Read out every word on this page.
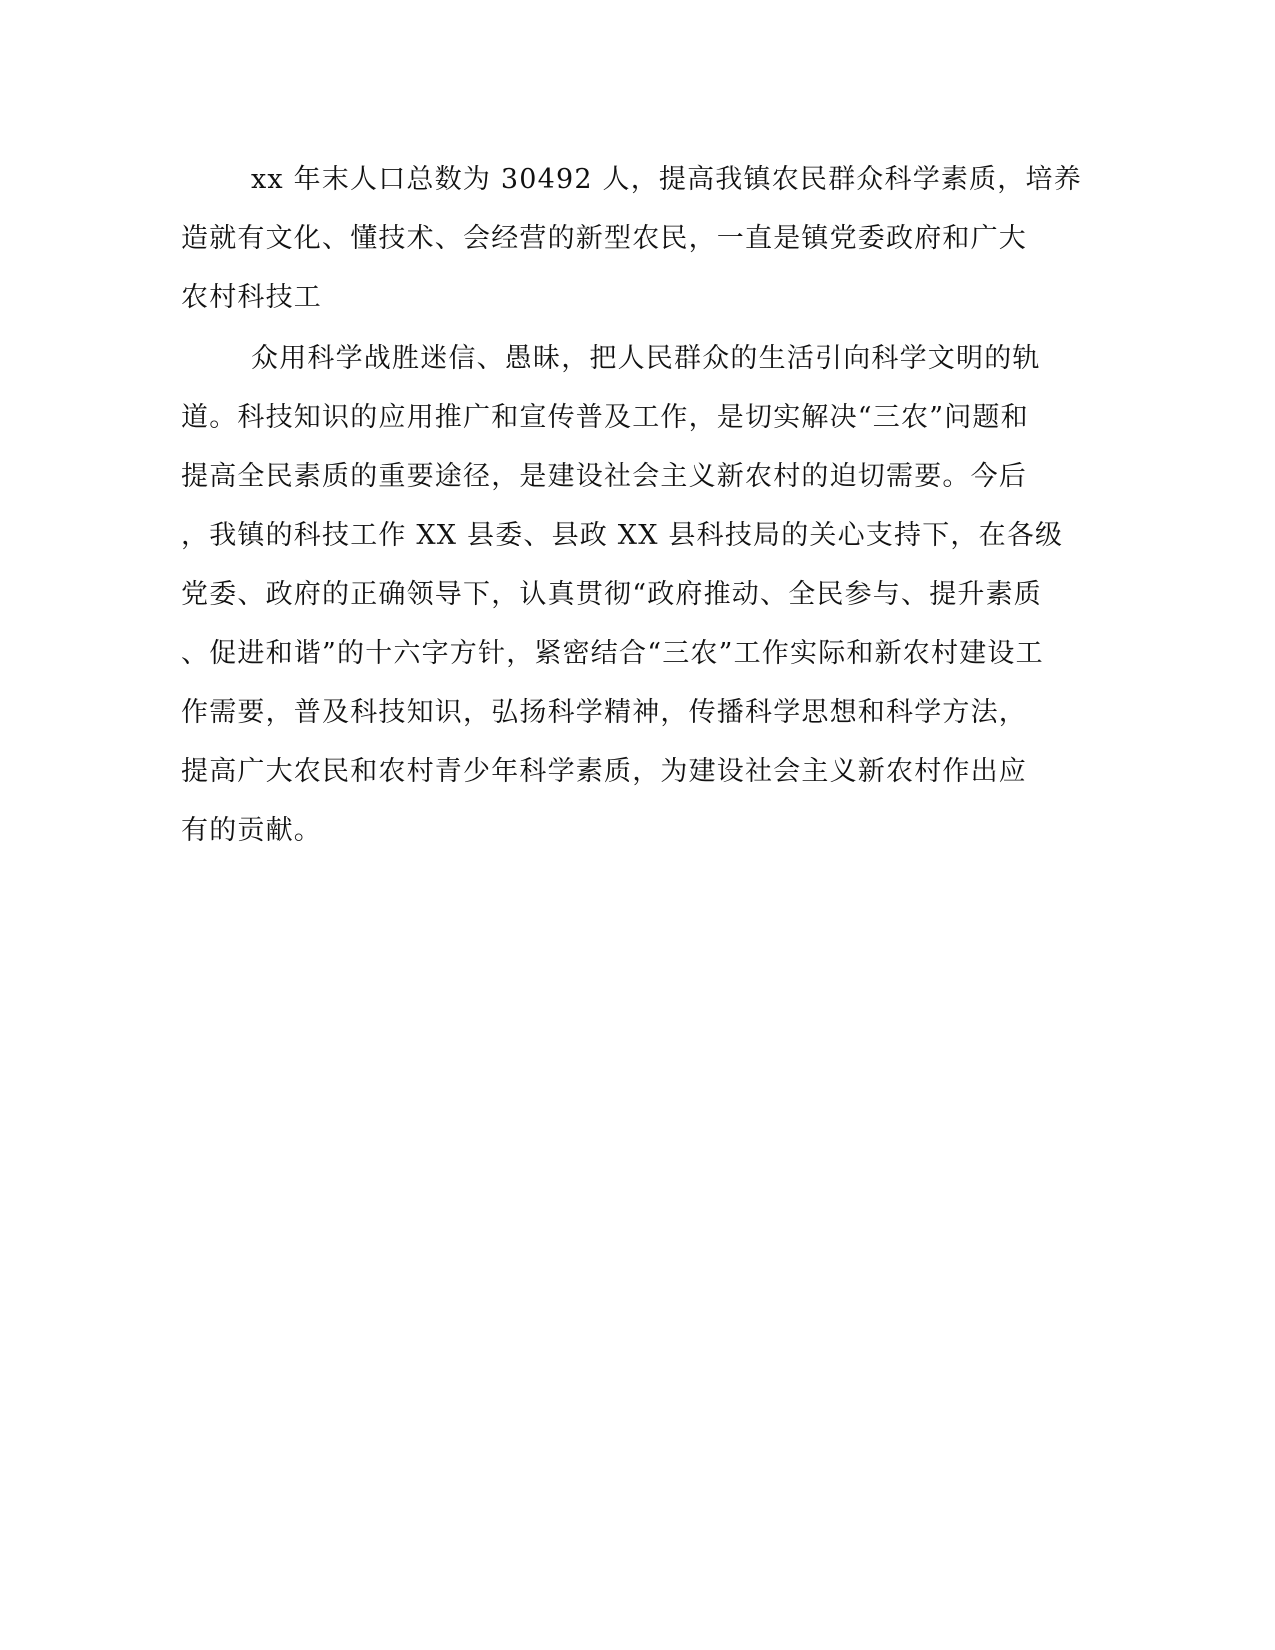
xx 年末人口总数为 30492 人，提高我镇农民群众科学素质，培养
造就有文化、懂技术、会经营的新型农民，一直是镇党委政府和广大
农村科技工
众用科学战胜迷信、愚昧，把人民群众的生活引向科学文明的轨
道。科技知识的应用推广和宣传普及工作，是切实解决“三农”问题和
提高全民素质的重要途径，是建设社会主义新农村的迫切需要。今后
，我镇的科技工作 XX 县委、县政 XX 县科技局的关心支持下，在各级
党委、政府的正确领导下，认真贯彻“政府推动、全民参与、提升素质
、促进和谐”的十六字方针，紧密结合“三农”工作实际和新农村建设工
作需要，普及科技知识，弘扬科学精神，传播科学思想和科学方法，
提高广大农民和农村青少年科学素质，为建设社会主义新农村作出应
有的贡献。
